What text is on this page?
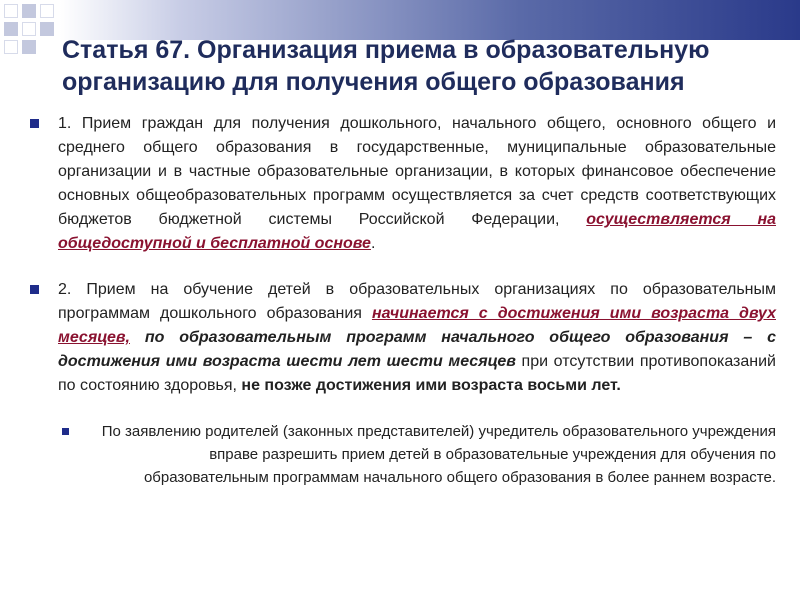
Статья 67. Организация приема в образовательную организацию для получения общего образования
1. Прием граждан для получения дошкольного, начального общего, основного общего и среднего общего образования в государственные, муниципальные образовательные организации и в частные образовательные организации, в которых финансовое обеспечение основных общеобразовательных программ осуществляется за счет средств соответствующих бюджетов бюджетной системы Российской Федерации, осуществляется на общедоступной и бесплатной основе.
2. Прием на обучение детей в образовательных организациях по образовательным программам дошкольного образования начинается с достижения ими возраста двух месяцев, по образовательным программ начального общего образования – с достижения ими возраста шести лет шести месяцев при отсутствии противопоказаний по состоянию здоровья, не позже достижения ими возраста восьми лет.
По заявлению родителей (законных представителей) учредитель образовательного учреждения вправе разрешить прием детей в образовательные учреждения для обучения по образовательным программам начального общего образования в более раннем возрасте.
